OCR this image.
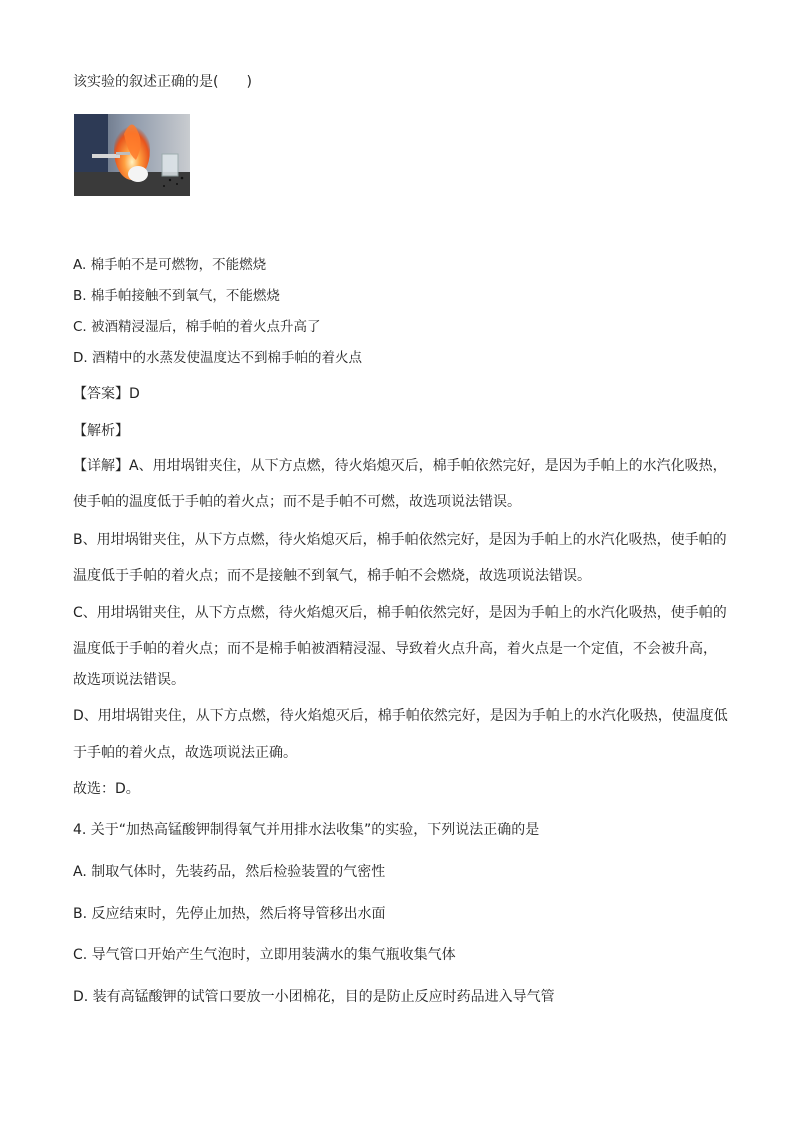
该实验的叙述正确的是(　　)
A. 棉手帕不是可燃物，不能燃烧
B. 棉手帕接触不到氧气，不能燃烧
C. 被酒精浸湿后，棉手帕的着火点升高了
D. 酒精中的水蒸发使温度达不到棉手帕的着火点
【答案】D
【解析】
【详解】A、用坩埚钳夹住，从下方点燃，待火焰熄灭后，棉手帕依然完好，是因为手帕上的水汽化吸热，
使手帕的温度低于手帕的着火点；而不是手帕不可燃，故选项说法错误。
B、用坩埚钳夹住，从下方点燃，待火焰熄灭后，棉手帕依然完好，是因为手帕上的水汽化吸热，使手帕的
温度低于手帕的着火点；而不是接触不到氧气，棉手帕不会燃烧，故选项说法错误。
C、用坩埚钳夹住，从下方点燃，待火焰熄灭后，棉手帕依然完好，是因为手帕上的水汽化吸热，使手帕的
温度低于手帕的着火点；而不是棉手帕被酒精浸湿、导致着火点升高，着火点是一个定值，不会被升高，
故选项说法错误。
D、用坩埚钳夹住，从下方点燃，待火焰熄灭后，棉手帕依然完好，是因为手帕上的水汽化吸热，使温度低
于手帕的着火点，故选项说法正确。
故选：D。
4. 关于“加热高锰酸钾制得氧气并用排水法收集”的实验，下列说法正确的是
A. 制取气体时，先装药品，然后检验装置的气密性
B. 反应结束时，先停止加热，然后将导管移出水面
C. 导气管口开始产生气泡时，立即用装满水的集气瓶收集气体
D. 装有高锰酸钾的试管口要放一小团棉花，目的是防止反应时药品进入导气管
